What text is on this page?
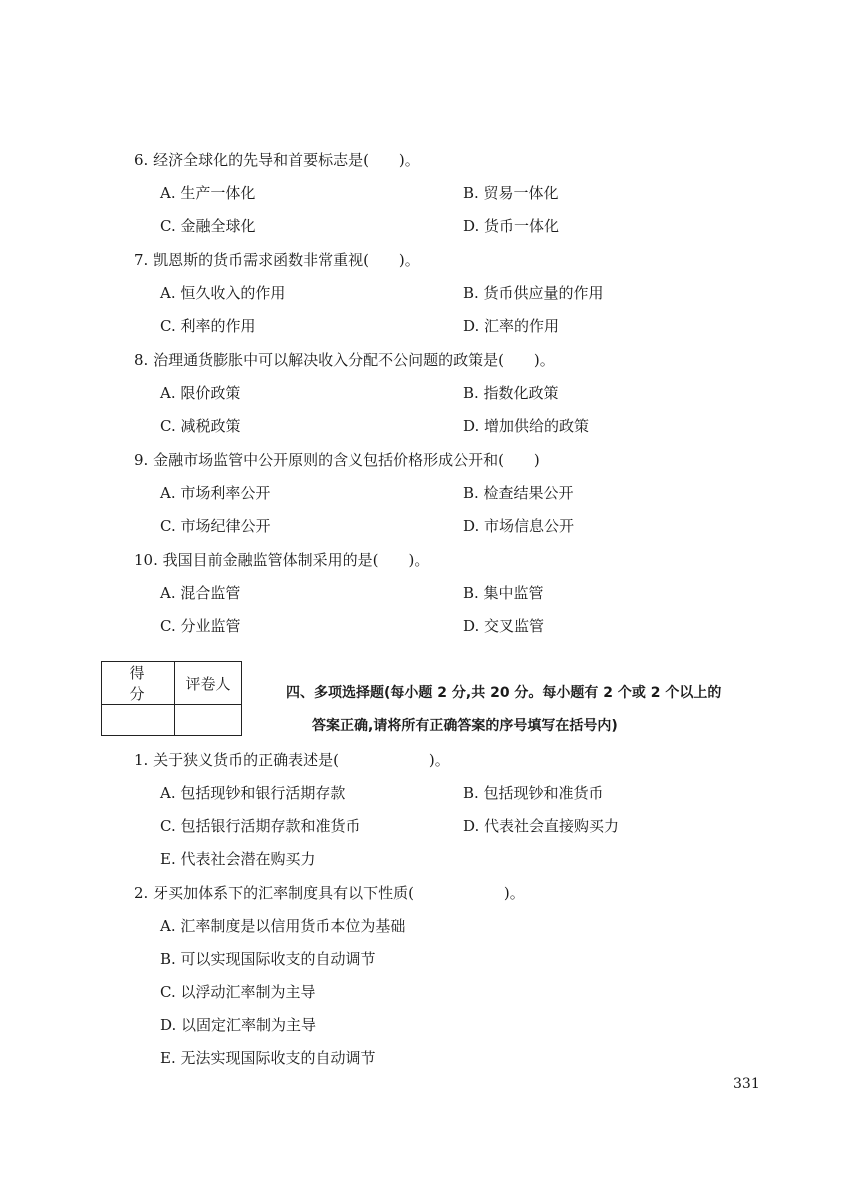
6. 经济全球化的先导和首要标志是(　　)。
A. 生产一体化	B. 贸易一体化
C. 金融全球化	D. 货币一体化
7. 凯恩斯的货币需求函数非常重视(　　)。
A. 恒久收入的作用	B. 货币供应量的作用
C. 利率的作用	D. 汇率的作用
8. 治理通货膨胀中可以解决收入分配不公问题的政策是(　　)。
A. 限价政策	B. 指数化政策
C. 减税政策	D. 增加供给的政策
9. 金融市场监管中公开原则的含义包括价格形成公开和(　　)
A. 市场利率公开	B. 检查结果公开
C. 市场纪律公开	D. 市场信息公开
10. 我国目前金融监管体制采用的是(　　)。
A. 混合监管	B. 集中监管
C. 分业监管	D. 交叉监管
得 分	评卷人

四、多项选择题(每小题 2 分,共 20 分。每小题有 2 个或 2 个以上的
答案正确,请将所有正确答案的序号填写在括号内)
1. 关于狭义货币的正确表述是(　　　　　　)。
A. 包括现钞和银行活期存款	B. 包括现钞和准货币
C. 包括银行活期存款和准货币	D. 代表社会直接购买力
E. 代表社会潜在购买力
2. 牙买加体系下的汇率制度具有以下性质(　　　　　　)。
A. 汇率制度是以信用货币本位为基础
B. 可以实现国际收支的自动调节
C. 以浮动汇率制为主导
D. 以固定汇率制为主导
E. 无法实现国际收支的自动调节
331
